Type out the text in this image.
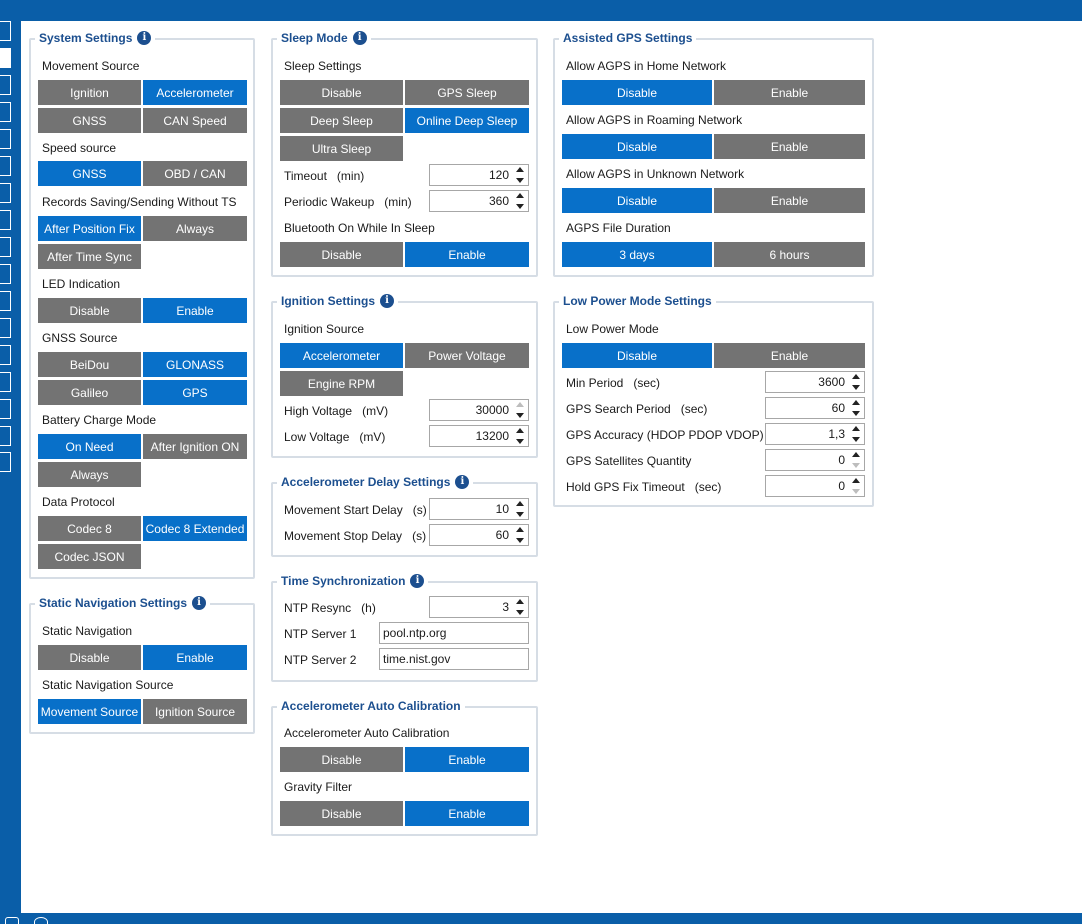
System Settings	i
Movement Source
Ignition	Accelerometer
GNSS	CAN Speed
Speed source
GNSS	OBD / CAN
Records Saving/Sending Without TS
After Position Fix	Always
After Time Sync
LED Indication
Disable	Enable
GNSS Source
BeiDou	GLONASS
Galileo	GPS
Battery Charge Mode
On Need	After Ignition ON
Always
Data Protocol
Codec 8	Codec 8 Extended
Codec JSON
Static Navigation Settings	i
Static Navigation
Disable	Enable
Static Navigation Source
Movement Source	Ignition Source
Sleep Mode	i
Sleep Settings
Disable	GPS Sleep
Deep Sleep	Online Deep Sleep
Ultra Sleep
Timeout (min)	120
Periodic Wakeup (min)	360
Bluetooth On While In Sleep
Disable	Enable
Ignition Settings	i
Ignition Source
Accelerometer	Power Voltage
Engine RPM
High Voltage (mV)	30000
Low Voltage (mV)	13200
Accelerometer Delay Settings	i
Movement Start Delay (s)	10
Movement Stop Delay (s)	60
Time Synchronization	i
NTP Resync (h)	3
NTP Server 1	pool.ntp.org
NTP Server 2	time.nist.gov
Accelerometer Auto Calibration
Accelerometer Auto Calibration
Disable	Enable
Gravity Filter
Disable	Enable
Assisted GPS Settings
Allow AGPS in Home Network
Disable	Enable
Allow AGPS in Roaming Network
Disable	Enable
Allow AGPS in Unknown Network
Disable	Enable
AGPS File Duration
3 days	6 hours
Low Power Mode Settings
Low Power Mode
Disable	Enable
Min Period (sec)	3600
GPS Search Period (sec)	60
GPS Accuracy (HDOP PDOP VDOP)	1,3
GPS Satellites Quantity	0
Hold GPS Fix Timeout (sec)	0
